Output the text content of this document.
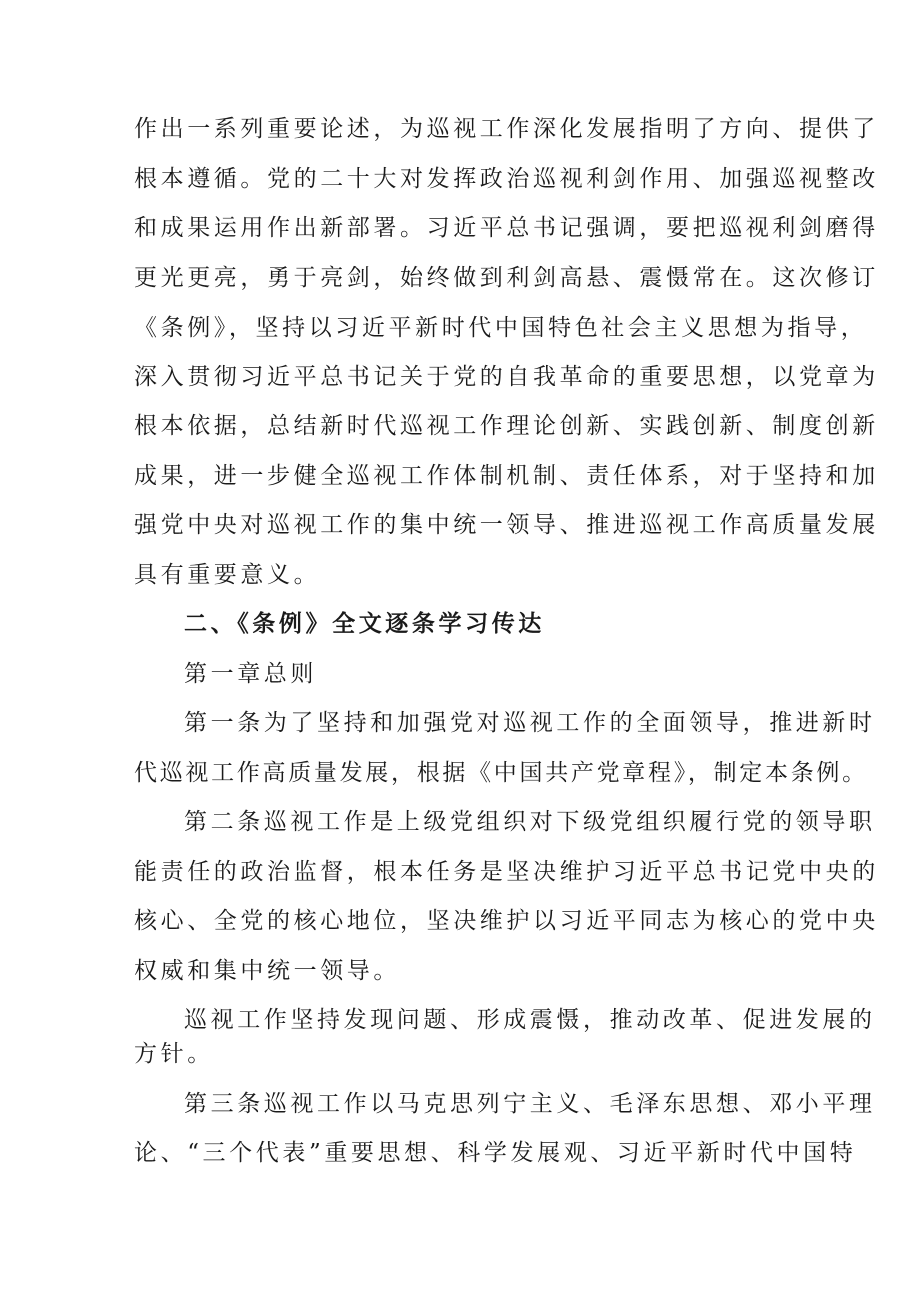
作出一系列重要论述，为巡视工作深化发展指明了方向、提供了
根本遵循。党的二十大对发挥政治巡视利剑作用、加强巡视整改
和成果运用作出新部署。习近平总书记强调，要把巡视利剑磨得
更光更亮，勇于亮剑，始终做到利剑高悬、震慑常在。这次修订
《条例》，坚持以习近平新时代中国特色社会主义思想为指导，
深入贯彻习近平总书记关于党的自我革命的重要思想，以党章为
根本依据，总结新时代巡视工作理论创新、实践创新、制度创新
成果，进一步健全巡视工作体制机制、责任体系，对于坚持和加
强党中央对巡视工作的集中统一领导、推进巡视工作高质量发展
具有重要意义。
二、《条例》全文逐条学习传达
第一章总则
第一条为了坚持和加强党对巡视工作的全面领导，推进新时
代巡视工作高质量发展，根据《中国共产党章程》，制定本条例。
第二条巡视工作是上级党组织对下级党组织履行党的领导职
能责任的政治监督，根本任务是坚决维护习近平总书记党中央的
核心、全党的核心地位，坚决维护以习近平同志为核心的党中央
权威和集中统一领导。
巡视工作坚持发现问题、形成震慑，推动改革、促进发展的
方针。
第三条巡视工作以马克思列宁主义、毛泽东思想、邓小平理
论、“三个代表”重要思想、科学发展观、习近平新时代中国特
